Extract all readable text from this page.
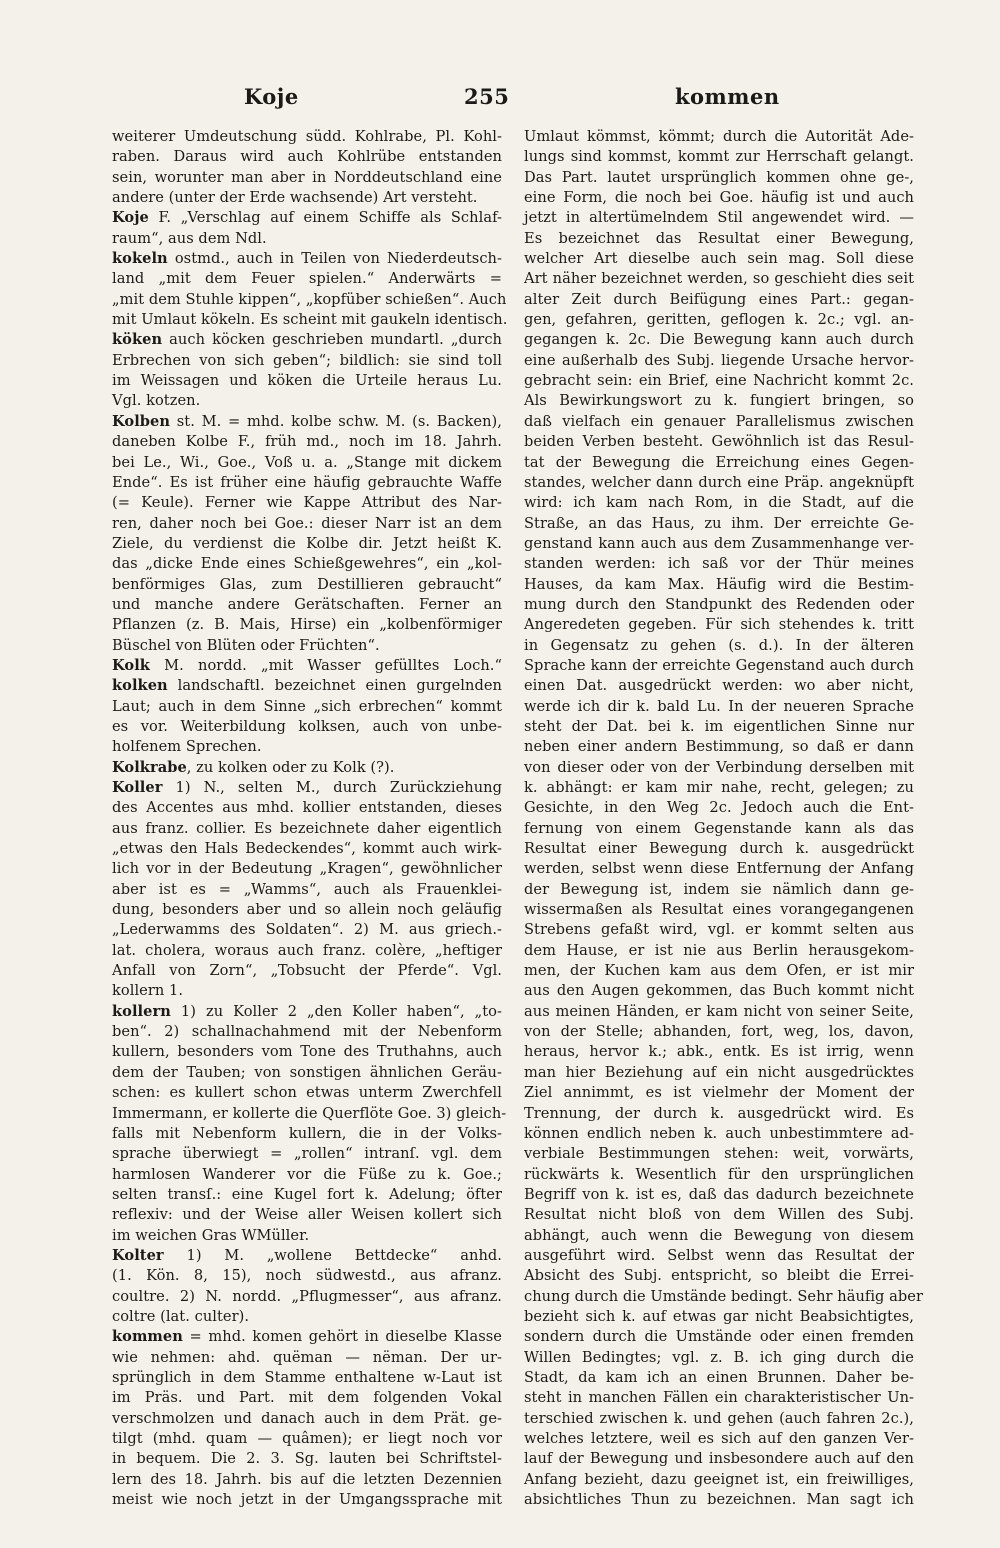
Koje	255	kommen
weiterer Umdeutschung südd. Kohlrabe, Pl. Kohl-
raben. Daraus wird auch Kohlrübe entstanden
sein, worunter man aber in Norddeutschland eine
andere (unter der Erde wachsende) Art versteht.
Koje F. „Verschlag auf einem Schiffe als Schlaf-
raum“, aus dem Ndl.
kokeln ostmd., auch in Teilen von Niederdeutsch-
land „mit dem Feuer spielen.“ Anderwärts =
„mit dem Stuhle kippen“, „kopfüber schießen“. Auch
mit Umlaut kökeln. Es scheint mit gaukeln identisch.
köken auch köcken geschrieben mundartl. „durch
Erbrechen von sich geben“; bildlich: sie sind toll
im Weissagen und köken die Urteile heraus Lu.
Vgl. kotzen.
Kolben st. M. = mhd. kolbe schw. M. (s. Backen),
daneben Kolbe F., früh md., noch im 18. Jahrh.
bei Le., Wi., Goe., Voß u. a. „Stange mit dickem
Ende“. Es ist früher eine häufig gebrauchte Waffe
(= Keule). Ferner wie Kappe Attribut des Nar-
ren, daher noch bei Goe.: dieser Narr ist an dem
Ziele, du verdienst die Kolbe dir. Jetzt heißt K.
das „dicke Ende eines Schießgewehres“, ein „kol-
benförmiges Glas, zum Destillieren gebraucht“
und manche andere Gerätschaften. Ferner an
Pflanzen (z. B. Mais, Hirse) ein „kolbenförmiger
Büschel von Blüten oder Früchten“.
Kolk M. nordd. „mit Wasser gefülltes Loch.“
kolken landschaftl. bezeichnet einen gurgelnden
Laut; auch in dem Sinne „sich erbrechen“ kommt
es vor. Weiterbildung kolksen, auch von unbe-
holfenem Sprechen.
Kolkrabe, zu kolken oder zu Kolk (?).
Koller 1) N., selten M., durch Zurückziehung
des Accentes aus mhd. kollier entstanden, dieses
aus franz. collier. Es bezeichnete daher eigentlich
„etwas den Hals Bedeckendes“, kommt auch wirk-
lich vor in der Bedeutung „Kragen“, gewöhnlicher
aber ist es = „Wamms“, auch als Frauenklei-
dung, besonders aber und so allein noch geläufig
„Lederwamms des Soldaten“. 2) M. aus griech.-
lat. cholera, woraus auch franz. colère, „heftiger
Anfall von Zorn“, „Tobsucht der Pferde“. Vgl.
kollern 1.
kollern 1) zu Koller 2 „den Koller haben“, „to-
ben“. 2) schallnachahmend mit der Nebenform
kullern, besonders vom Tone des Truthahns, auch
dem der Tauben; von sonstigen ähnlichen Geräu-
schen: es kullert schon etwas unterm Zwerchfell
Immermann, er kollerte die Querflöte Goe. 3) gleich-
falls mit Nebenform kullern, die in der Volks-
sprache überwiegt = „rollen“ intranſ. vgl. dem
harmlosen Wanderer vor die Füße zu k. Goe.;
selten transſ.: eine Kugel fort k. Adelung; öfter
reflexiv: und der Weise aller Weisen kollert sich
im weichen Gras WMüller.
Kolter 1) M. „wollene Bettdecke“ anhd.
(1. Kön. 8, 15), noch südwestd., aus afranz.
coultre. 2) N. nordd. „Pflugmesser“, aus afranz.
coltre (lat. culter).
kommen = mhd. komen gehört in dieselbe Klasse
wie nehmen: ahd. quëman — nëman. Der ur-
sprünglich in dem Stamme enthaltene w-Laut ist
im Präs. und Part. mit dem folgenden Vokal
verschmolzen und danach auch in dem Prät. ge-
tilgt (mhd. quam — quâmen); er liegt noch vor
in bequem. Die 2. 3. Sg. lauten bei Schriftstel-
lern des 18. Jahrh. bis auf die letzten Dezennien
meist wie noch jetzt in der Umgangssprache mit
Umlaut kömmst, kömmt; durch die Autorität Ade-
lungs sind kommst, kommt zur Herrschaft gelangt.
Das Part. lautet ursprünglich kommen ohne ge-,
eine Form, die noch bei Goe. häufig ist und auch
jetzt in altertümelndem Stil angewendet wird. —
Es bezeichnet das Resultat einer Bewegung,
welcher Art dieselbe auch sein mag. Soll diese
Art näher bezeichnet werden, so geschieht dies seit
alter Zeit durch Beifügung eines Part.: gegan-
gen, gefahren, geritten, geflogen k. 2c.; vgl. an-
gegangen k. 2c. Die Bewegung kann auch durch
eine außerhalb des Subj. liegende Ursache hervor-
gebracht sein: ein Brief, eine Nachricht kommt 2c.
Als Bewirkungswort zu k. fungiert bringen, so
daß vielfach ein genauer Parallelismus zwischen
beiden Verben besteht. Gewöhnlich ist das Resul-
tat der Bewegung die Erreichung eines Gegen-
standes, welcher dann durch eine Präp. angeknüpft
wird: ich kam nach Rom, in die Stadt, auf die
Straße, an das Haus, zu ihm. Der erreichte Ge-
genstand kann auch aus dem Zusammenhange ver-
standen werden: ich saß vor der Thür meines
Hauses, da kam Max. Häufig wird die Bestim-
mung durch den Standpunkt des Redenden oder
Angeredeten gegeben. Für sich stehendes k. tritt
in Gegensatz zu gehen (s. d.). In der älteren
Sprache kann der erreichte Gegenstand auch durch
einen Dat. ausgedrückt werden: wo aber nicht,
werde ich dir k. bald Lu. In der neueren Sprache
steht der Dat. bei k. im eigentlichen Sinne nur
neben einer andern Bestimmung, so daß er dann
von dieser oder von der Verbindung derselben mit
k. abhängt: er kam mir nahe, recht, gelegen; zu
Gesichte, in den Weg 2c. Jedoch auch die Ent-
fernung von einem Gegenstande kann als das
Resultat einer Bewegung durch k. ausgedrückt
werden, selbst wenn diese Entfernung der Anfang
der Bewegung ist, indem sie nämlich dann ge-
wissermaßen als Resultat eines vorangegangenen
Strebens gefaßt wird, vgl. er kommt selten aus
dem Hause, er ist nie aus Berlin herausgekom-
men, der Kuchen kam aus dem Ofen, er ist mir
aus den Augen gekommen, das Buch kommt nicht
aus meinen Händen, er kam nicht von seiner Seite,
von der Stelle; abhanden, fort, weg, los, davon,
heraus, hervor k.; abk., entk. Es ist irrig, wenn
man hier Beziehung auf ein nicht ausgedrücktes
Ziel annimmt, es ist vielmehr der Moment der
Trennung, der durch k. ausgedrückt wird. Es
können endlich neben k. auch unbestimmtere ad-
verbiale Bestimmungen stehen: weit, vorwärts,
rückwärts k. Wesentlich für den ursprünglichen
Begriff von k. ist es, daß das dadurch bezeichnete
Resultat nicht bloß von dem Willen des Subj.
abhängt, auch wenn die Bewegung von diesem
ausgeführt wird. Selbst wenn das Resultat der
Absicht des Subj. entspricht, so bleibt die Errei-
chung durch die Umstände bedingt. Sehr häufig aber
bezieht sich k. auf etwas gar nicht Beabsichtigtes,
sondern durch die Umstände oder einen fremden
Willen Bedingtes; vgl. z. B. ich ging durch die
Stadt, da kam ich an einen Brunnen. Daher be-
steht in manchen Fällen ein charakteristischer Un-
terschied zwischen k. und gehen (auch fahren 2c.),
welches letztere, weil es sich auf den ganzen Ver-
lauf der Bewegung und insbesondere auch auf den
Anfang bezieht, dazu geeignet ist, ein freiwilliges,
absichtliches Thun zu bezeichnen. Man sagt ich
